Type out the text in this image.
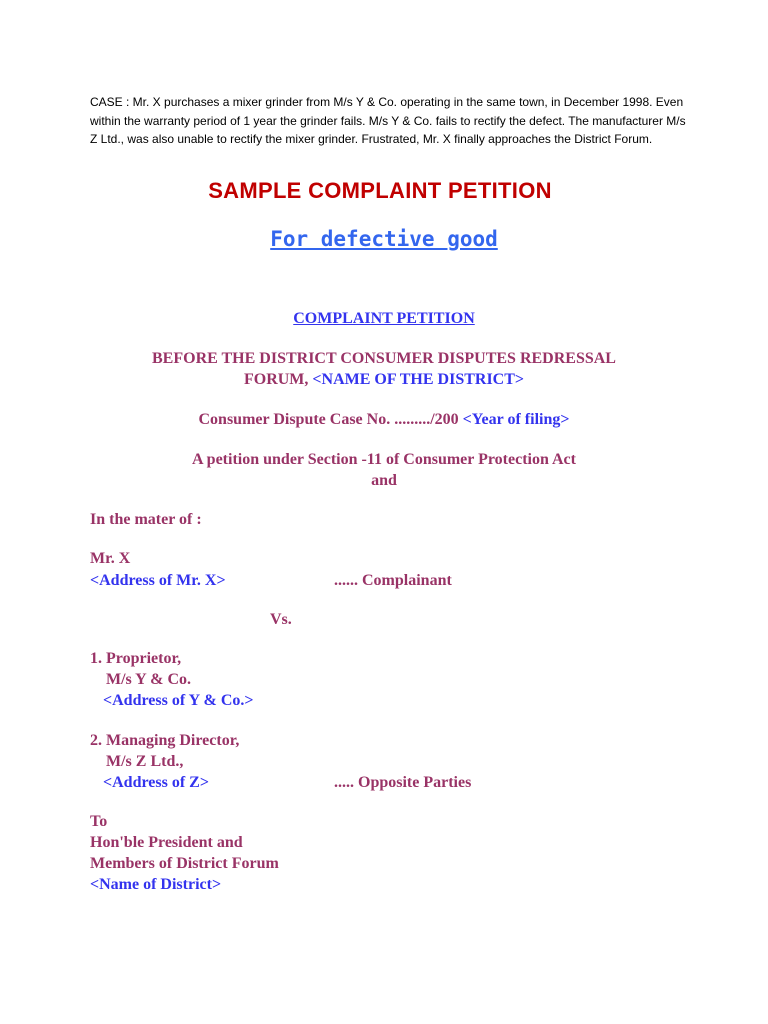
CASE : Mr. X purchases a mixer grinder from M/s Y & Co. operating in the same town, in December 1998. Even within the warranty period of 1 year the grinder fails. M/s Y & Co. fails to rectify the defect. The manufacturer M/s Z Ltd., was also unable to rectify the mixer grinder. Frustrated, Mr. X finally approaches the District Forum.
SAMPLE COMPLAINT PETITION
For defective good
COMPLAINT PETITION
BEFORE THE DISTRICT CONSUMER DISPUTES REDRESSAL
FORUM, <NAME OF THE DISTRICT>
Consumer Dispute Case No. ........./200 <Year of filing>
A petition under Section -11 of Consumer Protection Act
and
In the mater of :
Mr. X
<Address of Mr. X>	...... Complainant
Vs.
1. Proprietor,
M/s Y & Co.
<Address of Y & Co.>
2. Managing Director,
M/s Z Ltd.,
<Address of Z>	..... Opposite Parties
To
Hon'ble President and
Members of District Forum
<Name of District>
